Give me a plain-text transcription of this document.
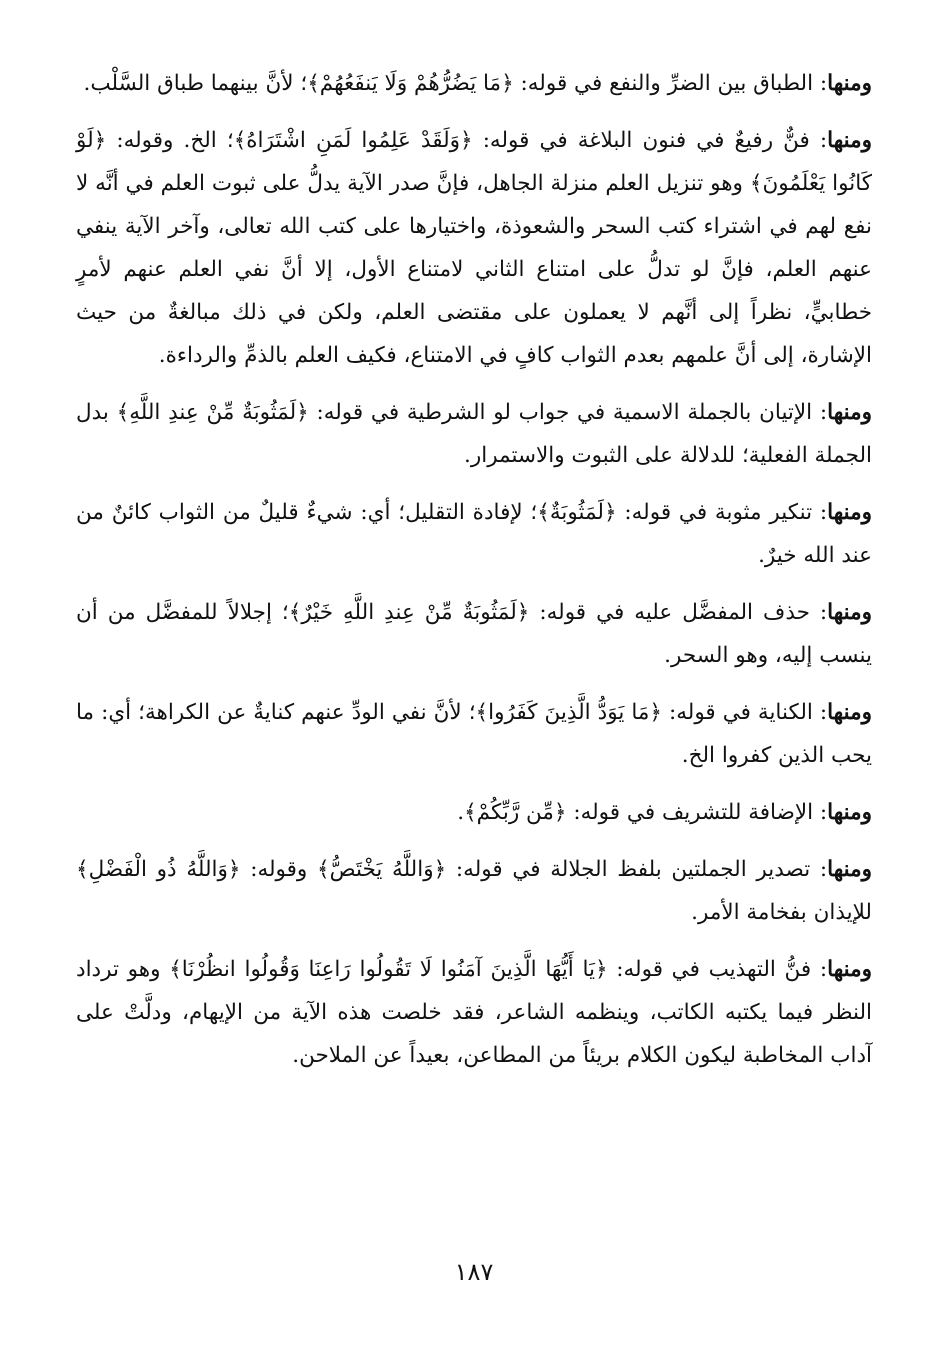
ومنها: الطباق بين الضرِّ والنفع في قوله: ﴿مَا يَضُرُّهُمْ وَلَا يَنفَعُهُمْ﴾؛ لأنَّ بينهما طباق السَّلْب.

ومنها: فنٌّ رفيعٌ في فنون البلاغة في قوله: ﴿وَلَقَدْ عَلِمُوا لَمَنِ اشْتَرَاهُ﴾؛ الخ. وقوله: ﴿لَوْ كَانُوا يَعْلَمُونَ﴾ وهو تنزيل العلم منزلة الجاهل، فإنَّ صدر الآية يدلُّ على ثبوت العلم في أنَّه لا نفع لهم في اشتراء كتب السحر والشعوذة، واختيارها على كتب الله تعالى، وآخر الآية ينفي عنهم العلم، فإنَّ لو تدلُّ على امتناع الثاني لامتناع الأول، إلا أنَّ نفي العلم عنهم لأمرٍ خطابيٍّ، نظراً إلى أنَّهم لا يعملون على مقتضى العلم، ولكن في ذلك مبالغةٌ من حيث الإشارة، إلى أنَّ علمهم بعدم الثواب كافٍ في الامتناع، فكيف العلم بالذمِّ والرداءة.

ومنها: الإتيان بالجملة الاسمية في جواب لو الشرطية في قوله: ﴿لَمَثُوبَةٌ مِّنْ عِندِ اللَّهِ﴾ بدل الجملة الفعلية؛ للدلالة على الثبوت والاستمرار.

ومنها: تنكير مثوبة في قوله: ﴿لَمَثُوبَةٌ﴾؛ لإفادة التقليل؛ أي: شيءٌ قليلٌ من الثواب كائنٌ من عند الله خيرٌ.

ومنها: حذف المفضَّل عليه في قوله: ﴿لَمَثُوبَةٌ مِّنْ عِندِ اللَّهِ خَيْرٌ﴾؛ إجلالاً للمفضَّل من أن ينسب إليه، وهو السحر.

ومنها: الكناية في قوله: ﴿مَا يَوَدُّ الَّذِينَ كَفَرُوا﴾؛ لأنَّ نفي الودِّ عنهم كنايةٌ عن الكراهة؛ أي: ما يحب الذين كفروا الخ.

ومنها: الإضافة للتشريف في قوله: ﴿مِّن رَّبِّكُمْ﴾.

ومنها: تصدير الجملتين بلفظ الجلالة في قوله: ﴿وَاللَّهُ يَخْتَصُّ﴾ وقوله: ﴿وَاللَّهُ ذُو الْفَضْلِ﴾ للإيذان بفخامة الأمر.

ومنها: فنُّ التهذيب في قوله: ﴿يَا أَيُّهَا الَّذِينَ آمَنُوا لَا تَقُولُوا رَاعِنَا وَقُولُوا انظُرْنَا﴾ وهو ترداد النظر فيما يكتبه الكاتب، وينظمه الشاعر، فقد خلصت هذه الآية من الإيهام، ودلَّتْ على آداب المخاطبة ليكون الكلام بريئاً من المطاعن، بعيداً عن الملاحن.

١٨٧
